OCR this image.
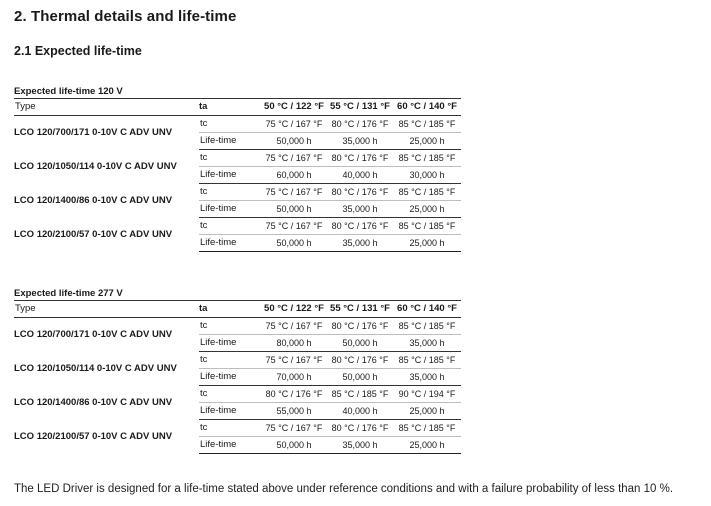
2. Thermal details and life-time
2.1 Expected life-time
Expected life-time 120 V
Type	ta	50 °C / 122 °F	55 °C / 131 °F	60 °C / 140 °F
LCO 120/700/171 0-10V C ADV UNV	tc	75 °C / 167 °F	80 °C / 176 °F	85 °C / 185 °F
	Life-time	50,000 h	35,000 h	25,000 h
LCO 120/1050/114 0-10V C ADV UNV	tc	75 °C / 167 °F	80 °C / 176 °F	85 °C / 185 °F
	Life-time	60,000 h	40,000 h	30,000 h
LCO 120/1400/86 0-10V C ADV UNV	tc	75 °C / 167 °F	80 °C / 176 °F	85 °C / 185 °F
	Life-time	50,000 h	35,000 h	25,000 h
LCO 120/2100/57 0-10V C ADV UNV	tc	75 °C / 167 °F	80 °C / 176 °F	85 °C / 185 °F
	Life-time	50,000 h	35,000 h	25,000 h
Expected life-time 277 V
Type	ta	50 °C / 122 °F	55 °C / 131 °F	60 °C / 140 °F
LCO 120/700/171 0-10V C ADV UNV	tc	75 °C / 167 °F	80 °C / 176 °F	85 °C / 185 °F
	Life-time	80,000 h	50,000 h	35,000 h
LCO 120/1050/114 0-10V C ADV UNV	tc	75 °C / 167 °F	80 °C / 176 °F	85 °C / 185 °F
	Life-time	70,000 h	50,000 h	35,000 h
LCO 120/1400/86 0-10V C ADV UNV	tc	80 °C / 176 °F	85 °C / 185 °F	90 °C / 194 °F
	Life-time	55,000 h	40,000 h	25,000 h
LCO 120/2100/57 0-10V C ADV UNV	tc	75 °C / 167 °F	80 °C / 176 °F	85 °C / 185 °F
	Life-time	50,000 h	35,000 h	25,000 h
The LED Driver is designed for a life-time stated above under reference conditions and with a failure probability of less than 10 %.
